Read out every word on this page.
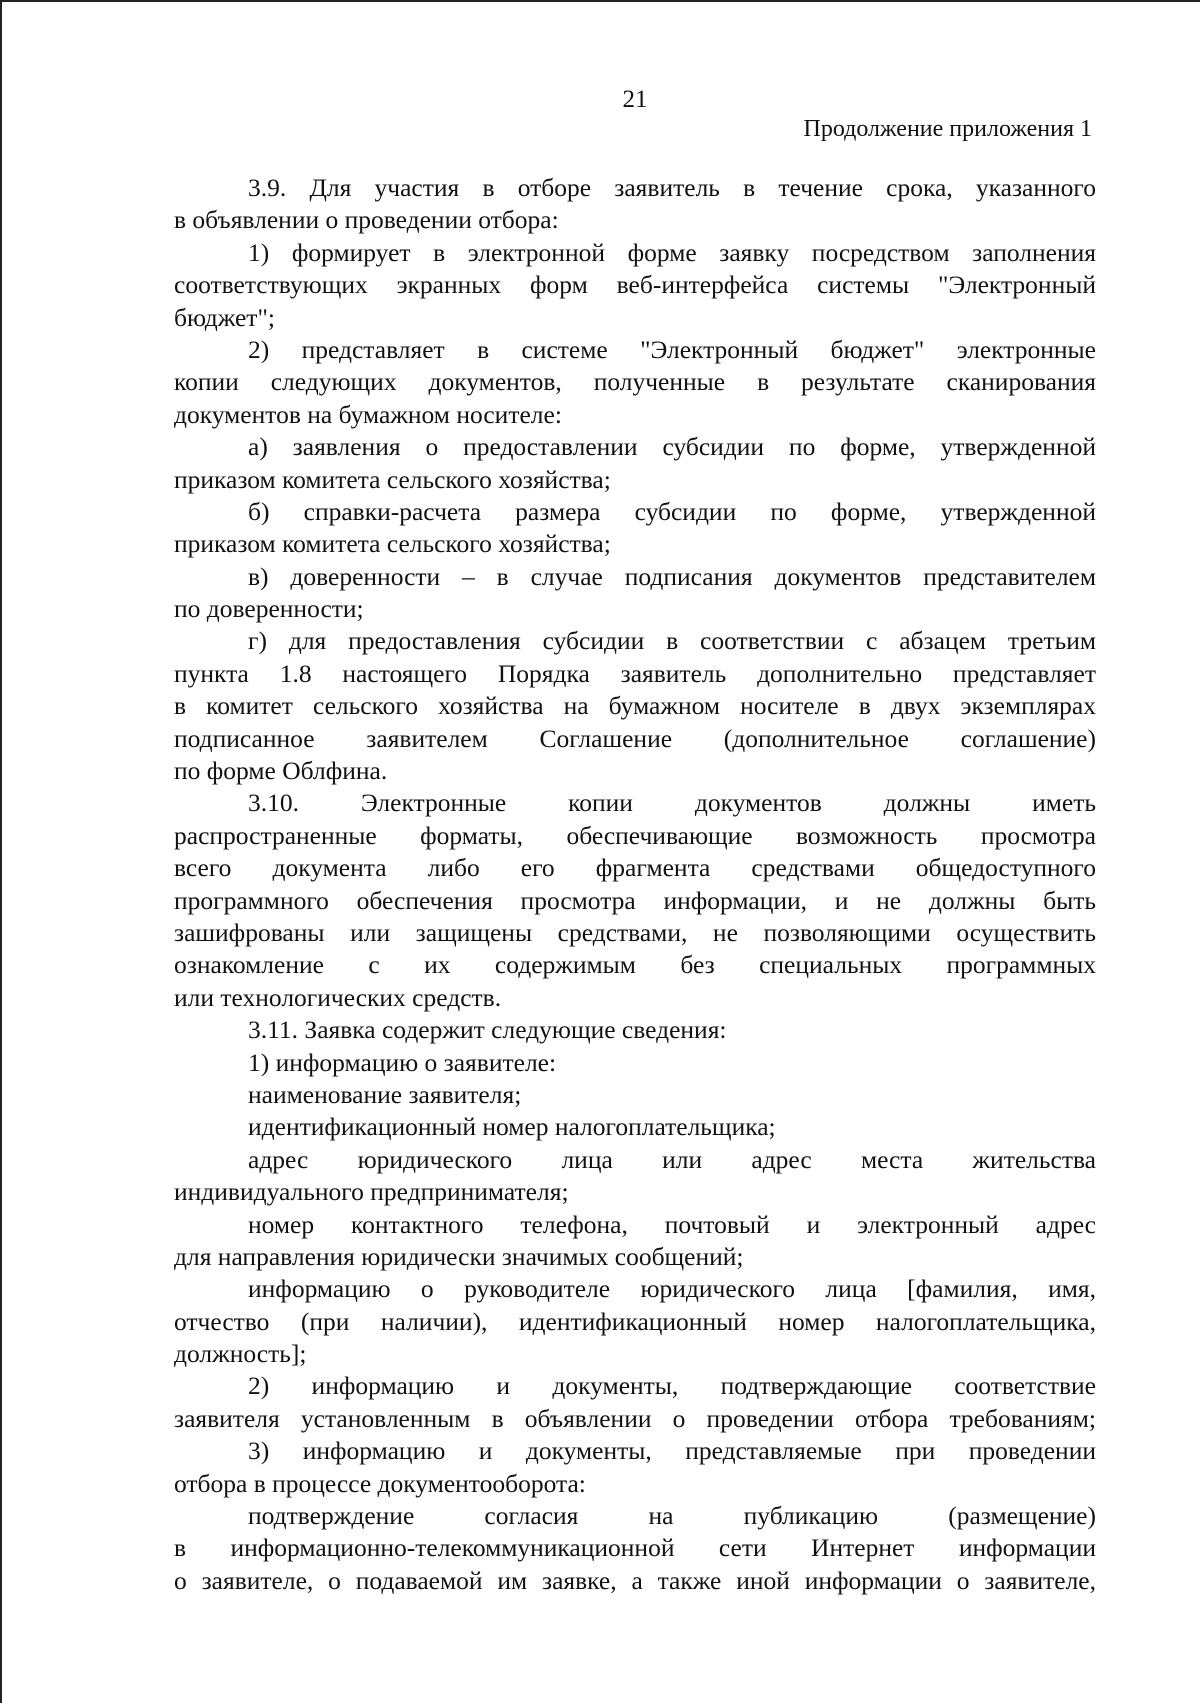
21
Продолжение приложения 1
3.9. Для участия в отборе заявитель в течение срока, указанного
в объявлении о проведении отбора:
1) формирует в электронной форме заявку посредством заполнения
соответствующих экранных форм веб-интерфейса системы "Электронный
бюджет";
2) представляет в системе "Электронный бюджет" электронные
копии следующих документов, полученные в результате сканирования
документов на бумажном носителе:
а) заявления о предоставлении субсидии по форме, утвержденной
приказом комитета сельского хозяйства;
б) справки-расчета размера субсидии по форме, утвержденной
приказом комитета сельского хозяйства;
в) доверенности – в случае подписания документов представителем
по доверенности;
г) для предоставления субсидии в соответствии с абзацем третьим
пункта 1.8 настоящего Порядка заявитель дополнительно представляет
в комитет сельского хозяйства на бумажном носителе в двух экземплярах
подписанное заявителем Соглашение (дополнительное соглашение)
по форме Облфина.
3.10. Электронные копии документов должны иметь
распространенные форматы, обеспечивающие возможность просмотра
всего документа либо его фрагмента средствами общедоступного
программного обеспечения просмотра информации, и не должны быть
зашифрованы или защищены средствами, не позволяющими осуществить
ознакомление с их содержимым без специальных программных
или технологических средств.
3.11. Заявка содержит следующие сведения:
1) информацию о заявителе:
наименование заявителя;
идентификационный номер налогоплательщика;
адрес юридического лица или адрес места жительства
индивидуального предпринимателя;
номер контактного телефона, почтовый и электронный адрес
для направления юридически значимых сообщений;
информацию о руководителе юридического лица [фамилия, имя,
отчество (при наличии), идентификационный номер налогоплательщика,
должность];
2) информацию и документы, подтверждающие соответствие
заявителя установленным в объявлении о проведении отбора требованиям;
3) информацию и документы, представляемые при проведении
отбора в процессе документооборота:
подтверждение согласия на публикацию (размещение)
в информационно-телекоммуникационной сети Интернет информации
о заявителе, о подаваемой им заявке, а также иной информации о заявителе,
